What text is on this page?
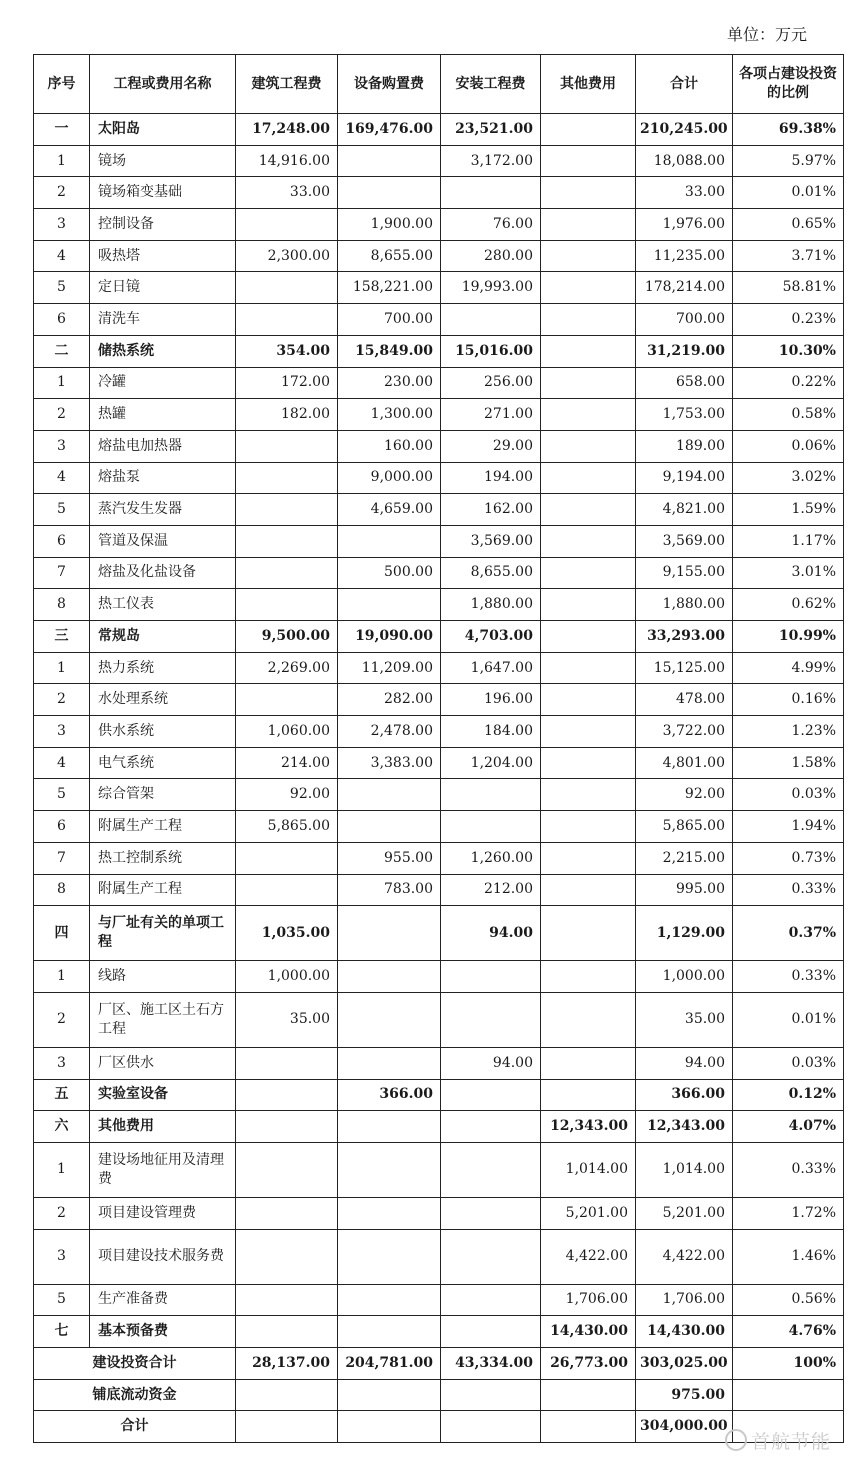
单位：万元
序号	工程或费用名称	建筑工程费	设备购置费	安装工程费	其他费用	合计	各项占建设投资的比例
一	太阳岛	17,248.00	169,476.00	23,521.00		210,245.00	69.38%
1	镜场	14,916.00		3,172.00		18,088.00	5.97%
2	镜场箱变基础	33.00				33.00	0.01%
3	控制设备		1,900.00	76.00		1,976.00	0.65%
4	吸热塔	2,300.00	8,655.00	280.00		11,235.00	3.71%
5	定日镜		158,221.00	19,993.00		178,214.00	58.81%
6	清洗车		700.00			700.00	0.23%
二	储热系统	354.00	15,849.00	15,016.00		31,219.00	10.30%
1	冷罐	172.00	230.00	256.00		658.00	0.22%
2	热罐	182.00	1,300.00	271.00		1,753.00	0.58%
3	熔盐电加热器		160.00	29.00		189.00	0.06%
4	熔盐泵		9,000.00	194.00		9,194.00	3.02%
5	蒸汽发生发器		4,659.00	162.00		4,821.00	1.59%
6	管道及保温			3,569.00		3,569.00	1.17%
7	熔盐及化盐设备		500.00	8,655.00		9,155.00	3.01%
8	热工仪表			1,880.00		1,880.00	0.62%
三	常规岛	9,500.00	19,090.00	4,703.00		33,293.00	10.99%
1	热力系统	2,269.00	11,209.00	1,647.00		15,125.00	4.99%
2	水处理系统		282.00	196.00		478.00	0.16%
3	供水系统	1,060.00	2,478.00	184.00		3,722.00	1.23%
4	电气系统	214.00	3,383.00	1,204.00		4,801.00	1.58%
5	综合管架	92.00				92.00	0.03%
6	附属生产工程	5,865.00				5,865.00	1.94%
7	热工控制系统		955.00	1,260.00		2,215.00	0.73%
8	附属生产工程		783.00	212.00		995.00	0.33%
四	与厂址有关的单项工程	1,035.00		94.00		1,129.00	0.37%
1	线路	1,000.00				1,000.00	0.33%
2	厂区、施工区土石方工程	35.00				35.00	0.01%
3	厂区供水			94.00		94.00	0.03%
五	实验室设备		366.00			366.00	0.12%
六	其他费用				12,343.00	12,343.00	4.07%
1	建设场地征用及清理费				1,014.00	1,014.00	0.33%
2	项目建设管理费				5,201.00	5,201.00	1.72%
3	项目建设技术服务费				4,422.00	4,422.00	1.46%
5	生产准备费				1,706.00	1,706.00	0.56%
七	基本预备费				14,430.00	14,430.00	4.76%
建设投资合计		28,137.00	204,781.00	43,334.00	26,773.00	303,025.00	100%
铺底流动资金						975.00	
合计						304,000.00	
首航节能
